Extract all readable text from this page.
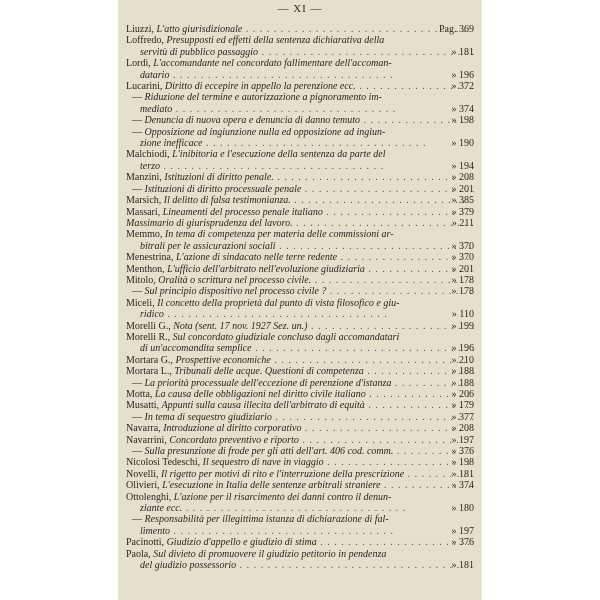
— XI —
Liuzzi, L'atto giurisdizionale . .	Pag. 369
Loffredo, Presupposti ed effetti della sentenza dichiarativa della
servitù di pubblico passaggio . .	» 181
Lordi, L'accomandante nel concordato fallimentare dell'accoman-
datario . .	» 196
Lucarini, Diritto di eccepire in appello la perenzione ecc. . .	» 372
— Riduzione del termine e autorizzazione a pignoramento im-
mediato . .	» 374
— Denuncia di nuova opera e denuncia di danno temuto . .	» 198
— Opposizione ad ingiunzione nulla ed opposizione ad ingiun-
zione inefficace . .	» 190
Malchiodi, L'inibitoria e l'esecuzione della sentenza da parte del
terzo . .	» 194
Manzini, Istituzioni di diritto penale. . .	» 208
— Istituzioni di diritto processuale penale . .	» 201
Marsich, Il delitto di falsa testimonianza. . .	» 385
Massari, Lineamenti del processo penale italiano . .	» 379
Massimario di giurisprudenza del lavoro. . .	» 211
Memmo, In tema di competenza per materia delle commissioni ar-
bitrali per le assicurazioni sociali . .	» 370
Menestrina, L'azione di sindacato nelle terre redente . .	» 370
Menthon, L'ufficio dell'arbitrato nell'evoluzione giudiziaria . .	» 201
Mitolo, Oralità o scrittura nel processo civile. . .	» 178
— Sul principio dispositivo nel processo civile ? . .	» 178
Miceli, Il concetto della proprietà dal punto di vista filosofico e giu-
ridico . .	» 110
Morelli G., Nota (sent. 17 nov. 1927 Sez. un.) . .	» 199
Morelli R., Sul concordato giudiziale concluso dagli accomandatari
di un'accomandita semplice . .	» 196
Mortara G., Prospettive economiche . .	» 210
Mortara L., Tribunali delle acque. Questioni di competenza . .	» 188
— La priorità processuale dell'eccezione di perenzione d'istanza . .	» 188
Motta, La causa delle obbligazioni nel diritto civile italiano . .	» 206
Musatti, Appunti sulla causa illecita dell'arbitrato di equità . .	» 179
— In tema di sequestro giudiziario . .	» 377
Navarra, Introduzione al diritto corporativo . .	» 208
Navarrini, Concordato preventivo e riporto . .	» 197
— Sulla presunzione di frode per gli atti dell'art. 406 cod. comm. . .	» 376
Nicolosi Tedeschi, Il sequestro di nave in viaggio . .	» 198
Novelli, Il rigetto per motivi di rito e l'interruzione della prescrizione . .	» 181
Olivieri, L'esecuzione in Italia delle sentenze arbitrali straniere . .	» 374
Ottolenghi, L'azione per il risarcimento dei danni contro il denun-
ziante ecc. . .	» 180
— Responsabilità per illegittima istanza di dichiarazione di fal-
limento . .	» 197
Pacinotti, Giudizio d'appello e giudizio di stima . .	» 376
Paola, Sul divieto di promuovere il giudizio petitorio in pendenza
del giudizio possessorio . .	» 181
